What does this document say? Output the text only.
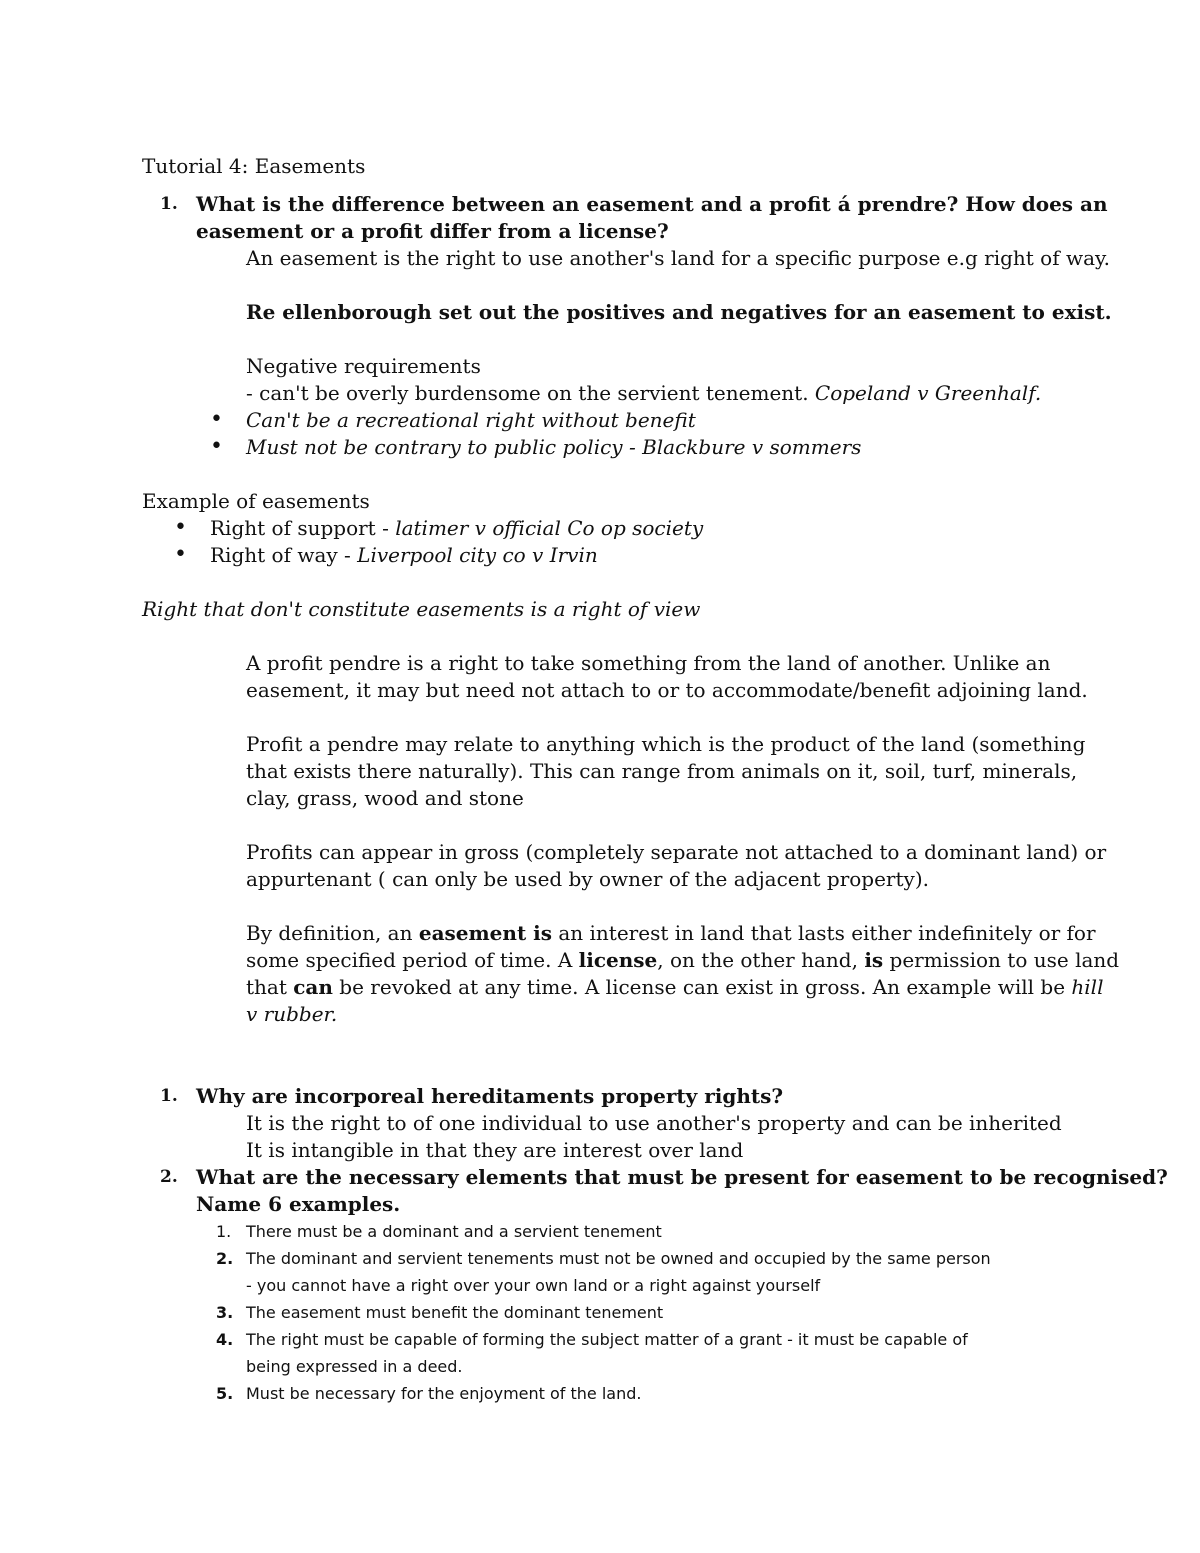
Tutorial 4: Easements
1. What is the difference between an easement and a profit á prendre? How does an
easement or a profit differ from a license?
An easement is the right to use another's land for a specific purpose e.g right of way.
Re ellenborough set out the positives and negatives for an easement to exist.
Negative requirements
- can't be overly burdensome on the servient tenement. Copeland v Greenhalf.
• Can't be a recreational right without benefit
• Must not be contrary to public policy - Blackbure v sommers
Example of easements
• Right of support - latimer v official Co op society
• Right of way - Liverpool city co v Irvin
Right that don't constitute easements is a right of view
A profit pendre is a right to take something from the land of another. Unlike an
easement, it may but need not attach to or to accommodate/benefit adjoining land.
Profit a pendre may relate to anything which is the product of the land (something
that exists there naturally). This can range from animals on it, soil, turf, minerals,
clay, grass, wood and stone
Profits can appear in gross (completely separate not attached to a dominant land) or
appurtenant ( can only be used by owner of the adjacent property).
By definition, an easement is an interest in land that lasts either indefinitely or for
some specified period of time. A license, on the other hand, is permission to use land
that can be revoked at any time. A license can exist in gross. An example will be hill
v rubber.
1. Why are incorporeal hereditaments property rights?
It is the right to of one individual to use another's property and can be inherited
It is intangible in that they are interest over land
2. What are the necessary elements that must be present for easement to be recognised?
Name 6 examples.
1. There must be a dominant and a servient tenement
2. The dominant and servient tenements must not be owned and occupied by the same person
- you cannot have a right over your own land or a right against yourself
3. The easement must benefit the dominant tenement
4. The right must be capable of forming the subject matter of a grant - it must be capable of
being expressed in a deed.
5. Must be necessary for the enjoyment of the land.
